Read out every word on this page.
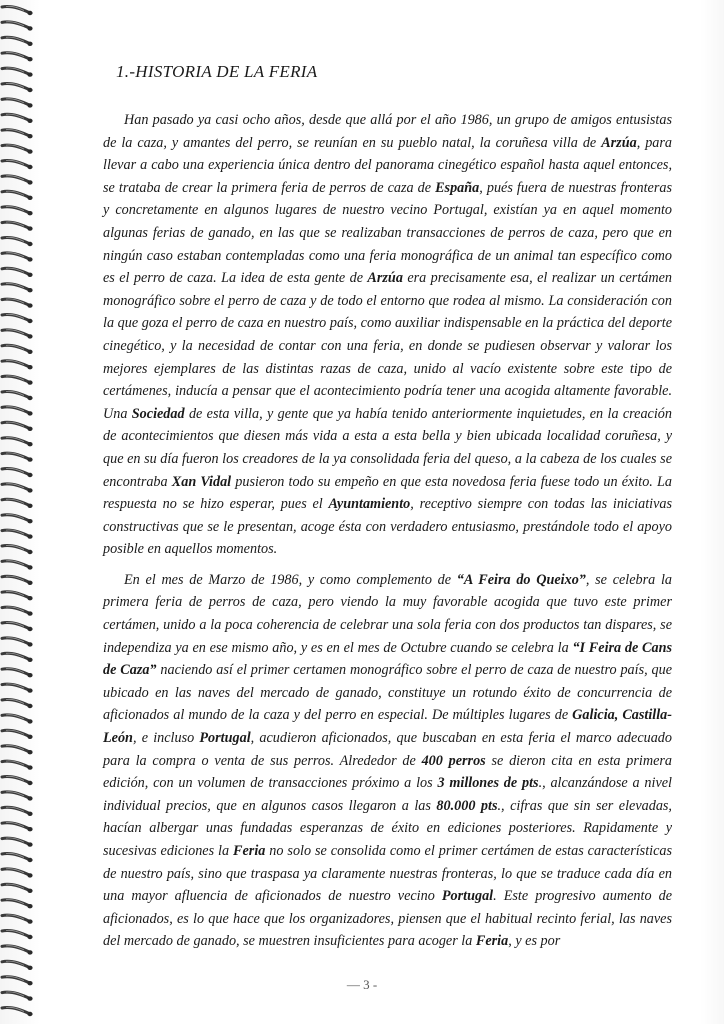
1.-HISTORIA DE LA FERIA

Han pasado ya casi ocho años, desde que allá por el año 1986, un grupo de amigos entusistas de la caza, y amantes del perro, se reunían en su pueblo natal, la coruñesa villa de Arzúa, para llevar a cabo una experiencia única dentro del panorama cinegético español hasta aquel entonces, se trataba de crear la primera feria de perros de caza de España, pués fuera de nuestras fronteras y concretamente en algunos lugares de nuestro vecino Portugal, existían ya en aquel momento algunas ferias de ganado, en las que se realizaban transacciones de perros de caza, pero que en ningún caso estaban contempladas como una feria monográfica de un animal tan específico como es el perro de caza. La idea de esta gente de Arzúa era precisamente esa, el realizar un certámen monográfico sobre el perro de caza y de todo el entorno que rodea al mismo. La consideración con la que goza el perro de caza en nuestro país, como auxiliar indispensable en la práctica del deporte cinegético, y la necesidad de contar con una feria, en donde se pudiesen observar y valorar los mejores ejemplares de las distintas razas de caza, unido al vacío existente sobre este tipo de certámenes, inducía a pensar que el acontecimiento podría tener una acogida altamente favorable. Una Sociedad de esta villa, y gente que ya había tenido anteriormente inquietudes, en la creación de acontecimientos que diesen más vida a esta a esta bella y bien ubicada localidad coruñesa, y que en su día fueron los creadores de la ya consolidada feria del queso, a la cabeza de los cuales se encontraba Xan Vidal pusieron todo su empeño en que esta novedosa feria fuese todo un éxito. La respuesta no se hizo esperar, pues el Ayuntamiento, receptivo siempre con todas las iniciativas constructivas que se le presentan, acoge ésta con verdadero entusiasmo, prestándole todo el apoyo posible en aquellos momentos.

En el mes de Marzo de 1986, y como complemento de “A Feira do Queixo”, se celebra la primera feria de perros de caza, pero viendo la muy favorable acogida que tuvo este primer certámen, unido a la poca coherencia de celebrar una sola feria con dos productos tan dispares, se independiza ya en ese mismo año, y es en el mes de Octubre cuando se celebra la “I Feira de Cans de Caza” naciendo así el primer certamen monográfico sobre el perro de caza de nuestro país, que ubicado en las naves del mercado de ganado, constituye un rotundo éxito de concurrencia de aficionados al mundo de la caza y del perro en especial. De múltiples lugares de Galicia, Castilla-León, e incluso Portugal, acudieron aficionados, que buscaban en esta feria el marco adecuado para la compra o venta de sus perros. Alrededor de 400 perros se dieron cita en esta primera edición, con un volumen de transacciones próximo a los 3 millones de pts., alcanzándose a nivel individual precios, que en algunos casos llegaron a las 80.000 pts., cifras que sin ser elevadas, hacían albergar unas fundadas esperanzas de éxito en ediciones posteriores. Rapidamente y sucesivas ediciones la Feria no solo se consolida como el primer certámen de estas características de nuestro país, sino que traspasa ya claramente nuestras fronteras, lo que se traduce cada día en una mayor afluencia de aficionados de nuestro vecino Portugal. Este progresivo aumento de aficionados, es lo que hace que los organizadores, piensen que el habitual recinto ferial, las naves del mercado de ganado, se muestren insuficientes para acoger la Feria, y es por

— 3 -
